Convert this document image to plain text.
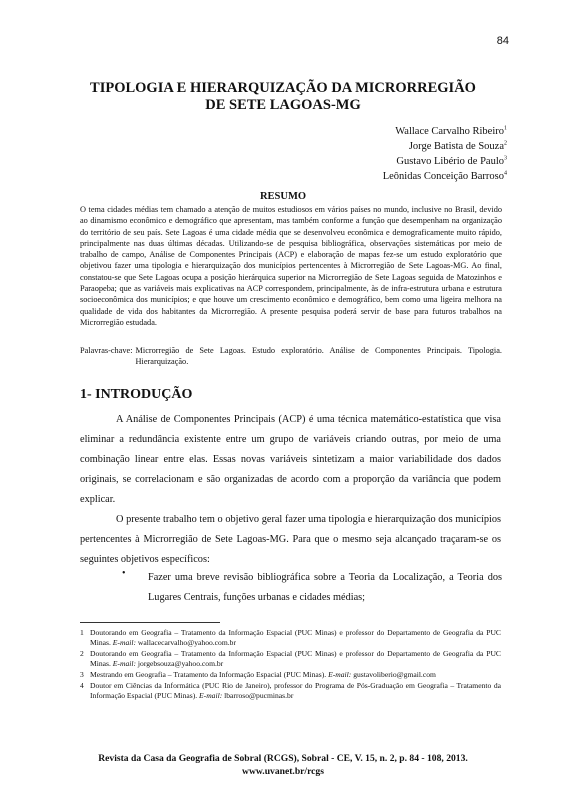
84
TIPOLOGIA E HIERARQUIZAÇÃO DA MICRORREGIÃO
DE SETE LAGOAS-MG
Wallace Carvalho Ribeiro$^1$
Jorge Batista de Souza$^2$
Gustavo Libério de Paulo$^3$
Leônidas Conceição Barroso$^4$
RESUMO
O tema cidades médias tem chamado a atenção de muitos estudiosos em vários países no mundo, inclusive no Brasil, devido ao dinamismo econômico e demográfico que apresentam, mas também conforme a função que desempenham na organização do território de seu país. Sete Lagoas é uma cidade média que se desenvolveu econômica e demograficamente muito rápido, principalmente nas duas últimas décadas. Utilizando-se de pesquisa bibliográfica, observações sistemáticas por meio de trabalho de campo, Análise de Componentes Principais (ACP) e elaboração de mapas fez-se um estudo exploratório que objetivou fazer uma tipologia e hierarquização dos municípios pertencentes à Microrregião de Sete Lagoas-MG. Ao final, constatou-se que Sete Lagoas ocupa a posição hierárquica superior na Microrregião de Sete Lagoas seguida de Matozinhos e Paraopeba; que as variáveis mais explicativas na ACP correspondem, principalmente, às de infra-estrutura urbana e estrutura socioeconômica dos municípios; e que houve um crescimento econômico e demográfico, bem como uma ligeira melhora na qualidade de vida dos habitantes da Microrregião. A presente pesquisa poderá servir de base para futuros trabalhos na Microrregião estudada.
Palavras-chave: Microrregião de Sete Lagoas. Estudo exploratório. Análise de Componentes Principais. Tipologia. Hierarquização.
1- INTRODUÇÃO
A Análise de Componentes Principais (ACP) é uma técnica matemático-estatística que visa eliminar a redundância existente entre um grupo de variáveis criando outras, por meio de uma combinação linear entre elas. Essas novas variáveis sintetizam a maior variabilidade dos dados originais, se correlacionam e são organizadas de acordo com a proporção da variância que podem explicar.
O presente trabalho tem o objetivo geral fazer uma tipologia e hierarquização dos municípios pertencentes à Microrregião de Sete Lagoas-MG. Para que o mesmo seja alcançado traçaram-se os seguintes objetivos específicos:
• Fazer uma breve revisão bibliográfica sobre a Teoria da Localização, a Teoria dos Lugares Centrais, funções urbanas e cidades médias;
1 Doutorando em Geografia – Tratamento da Informação Espacial (PUC Minas) e professor do Departamento de Geografia da PUC Minas. E-mail: wallacecarvalho@yahoo.com.br
2 Doutorando em Geografia – Tratamento da Informação Espacial (PUC Minas) e professor do Departamento de Geografia da PUC Minas. E-mail: jorgebsouza@yahoo.com.br
3 Mestrando em Geografia – Tratamento da Informação Espacial (PUC Minas). E-mail: gustavoliberio@gmail.com
4 Doutor em Ciências da Informática (PUC Rio de Janeiro), professor do Programa de Pós-Graduação em Geografia – Tratamento da Informação Espacial (PUC Minas). E-mail: lbarroso@pucminas.br
Revista da Casa da Geografia de Sobral (RCGS), Sobral - CE, V. 15, n. 2, p. 84 - 108, 2013.
www.uvanet.br/rcgs
